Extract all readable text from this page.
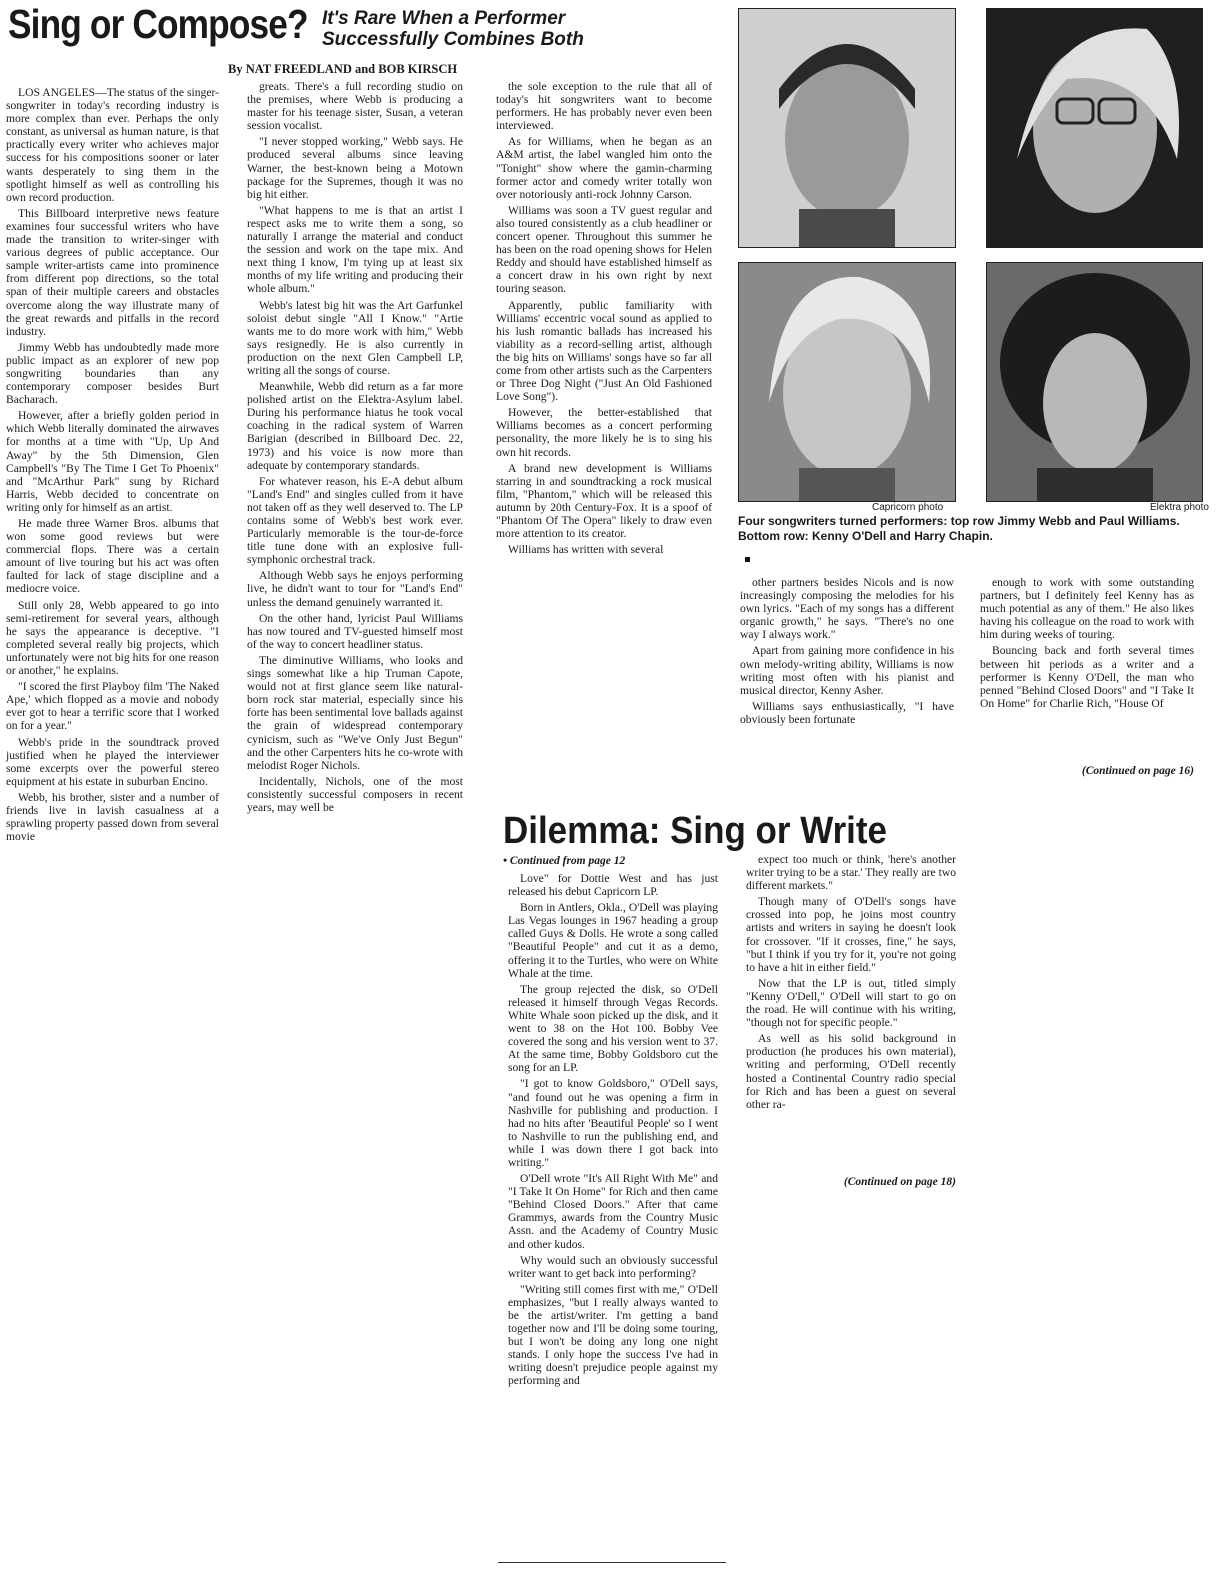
Sing or Compose? It's Rare When a Performer
Successfully Combines Both
By NAT FREEDLAND and BOB KIRSCH

LOS ANGELES—The status of the singer-songwriter in today's recording industry is more complex than ever. Perhaps the only constant, as universal as human nature, is that practically every writer who achieves major success for his compositions sooner or later wants desperately to sing them in the spotlight himself as well as controlling his own record production.

This Billboard interpretive news feature examines four successful writers who have made the transition to writer-singer with various degrees of public acceptance. Our sample writer-artists came into prominence from different pop directions, so the total span of their multiple careers and obstacles overcome along the way illustrate many of the great rewards and pitfalls in the record industry.

Jimmy Webb has undoubtedly made more public impact as an explorer of new pop songwriting boundaries than any contemporary composer besides Burt Bacharach.

However, after a briefly golden period in which Webb literally dominated the airwaves for months at a time with "Up, Up And Away" by the 5th Dimension, Glen Campbell's "By The Time I Get To Phoenix" and "McArthur Park" sung by Richard Harris, Webb decided to concentrate on writing only for himself as an artist.

He made three Warner Bros. albums that won some good reviews but were commercial flops. There was a certain amount of live touring but his act was often faulted for lack of stage discipline and a mediocre voice.

Still only 28, Webb appeared to go into semi-retirement for several years, although he says the appearance is deceptive. "I completed several really big projects, which unfortunately were not big hits for one reason or another," he explains.

"I scored the first Playboy film 'The Naked Ape,' which flopped as a movie and nobody ever got to hear a terrific score that I worked on for a year."

Webb's pride in the soundtrack proved justified when he played the interviewer some excerpts over the powerful stereo equipment at his estate in suburban Encino.

Webb, his brother, sister and a number of friends live in lavish casualness at a sprawling property passed down from several movie

greats. There's a full recording studio on the premises, where Webb is producing a master for his teenage sister, Susan, a veteran session vocalist.

"I never stopped working," Webb says. He produced several albums since leaving Warner, the best-known being a Motown package for the Supremes, though it was no big hit either.

"What happens to me is that an artist I respect asks me to write them a song, so naturally I arrange the material and conduct the session and work on the tape mix. And next thing I know, I'm tying up at least six months of my life writing and producing their whole album."

Webb's latest big hit was the Art Garfunkel soloist debut single "All I Know." "Artie wants me to do more work with him," Webb says resignedly. He is also currently in production on the next Glen Campbell LP, writing all the songs of course.

Meanwhile, Webb did return as a far more polished artist on the Elektra-Asylum label. During his performance hiatus he took vocal coaching in the radical system of Warren Barigian (described in Billboard Dec. 22, 1973) and his voice is now more than adequate by contemporary standards.

For whatever reason, his E-A debut album "Land's End" and singles culled from it have not taken off as they well deserved to. The LP contains some of Webb's best work ever. Particularly memorable is the tour-de-force title tune done with an explosive full-symphonic orchestral track.

Although Webb says he enjoys performing live, he didn't want to tour for "Land's End" unless the demand genuinely warranted it.

On the other hand, lyricist Paul Williams has now toured and TV-guested himself most of the way to concert headliner status.

The diminutive Williams, who looks and sings somewhat like a hip Truman Capote, would not at first glance seem like natural-born rock star material, especially since his forte has been sentimental love ballads against the grain of widespread contemporary cynicism, such as "We've Only Just Begun" and the other Carpenters hits he co-wrote with melodist Roger Nichols.

Incidentally, Nichols, one of the most consistently successful composers in recent years, may well be

the sole exception to the rule that all of today's hit songwriters want to become performers. He has probably never even been interviewed.

As for Williams, when he began as an A&M artist, the label wangled him onto the "Tonight" show where the gamin-charming former actor and comedy writer totally won over notoriously anti-rock Johnny Carson.

Williams was soon a TV guest regular and also toured consistently as a club headliner or concert opener. Throughout this summer he has been on the road opening shows for Helen Reddy and should have established himself as a concert draw in his own right by next touring season.

Apparently, public familiarity with Williams' eccentric vocal sound as applied to his lush romantic ballads has increased his viability as a record-selling artist, although the big hits on Williams' songs have so far all come from other artists such as the Carpenters or Three Dog Night ("Just An Old Fashioned Love Song").

However, the better-established that Williams becomes as a concert performing personality, the more likely he is to sing his own hit records.

A brand new development is Williams starring in and soundtracking a rock musical film, "Phantom," which will be released this autumn by 20th Century-Fox. It is a spoof of "Phantom Of The Opera" likely to draw even more attention to its creator.

Williams has written with several

Capricorn photo	Elektra photo
Four songwriters turned performers: top row Jimmy Webb and Paul Williams. Bottom row: Kenny O'Dell and Harry Chapin.

other partners besides Nicols and is now increasingly composing the melodies for his own lyrics. "Each of my songs has a different organic growth," he says. "There's no one way I always work."

Apart from gaining more confidence in his own melody-writing ability, Williams is now writing most often with his pianist and musical director, Kenny Asher.

Williams says enthusiastically, "I have obviously been fortunate

enough to work with some outstanding partners, but I definitely feel Kenny has as much potential as any of them." He also likes having his colleague on the road to work with him during weeks of touring.

Bouncing back and forth several times between hit periods as a writer and a performer is Kenny O'Dell, the man who penned "Behind Closed Doors" and "I Take It On Home" for Charlie Rich, "House Of

(Continued on page 16)
Dilemma: Sing or Write
• Continued from page 12

Love" for Dottie West and has just released his debut Capricorn LP.

Born in Antlers, Okla., O'Dell was playing Las Vegas lounges in 1967 heading a group called Guys & Dolls. He wrote a song called "Beautiful People" and cut it as a demo, offering it to the Turtles, who were on White Whale at the time.

The group rejected the disk, so O'Dell released it himself through Vegas Records. White Whale soon picked up the disk, and it went to 38 on the Hot 100. Bobby Vee covered the song and his version went to 37. At the same time, Bobby Goldsboro cut the song for an LP.

"I got to know Goldsboro," O'Dell says, "and found out he was opening a firm in Nashville for publishing and production. I had no hits after 'Beautiful People' so I went to Nashville to run the publishing end, and while I was down there I got back into writing."

O'Dell wrote "It's All Right With Me" and "I Take It On Home" for Rich and then came "Behind Closed Doors." After that came Grammys, awards from the Country Music Assn. and the Academy of Country Music and other kudos.

Why would such an obviously successful writer want to get back into performing?

"Writing still comes first with me," O'Dell emphasizes, "but I really always wanted to be the artist/writer. I'm getting a band together now and I'll be doing some touring, but I won't be doing any long one night stands. I only hope the success I've had in writing doesn't prejudice people against my performing and

expect too much or think, 'here's another writer trying to be a star.' They really are two different markets."

Though many of O'Dell's songs have crossed into pop, he joins most country artists and writers in saying he doesn't look for crossover. "If it crosses, fine," he says, "but I think if you try for it, you're not going to have a hit in either field."

Now that the LP is out, titled simply "Kenny O'Dell," O'Dell will start to go on the road. He will continue with his writing, "though not for specific people."

As well as his solid background in production (he produces his own material), writing and performing, O'Dell recently hosted a Continental Country radio special for Rich and has been a guest on several other ra-

(Continued on page 18)
